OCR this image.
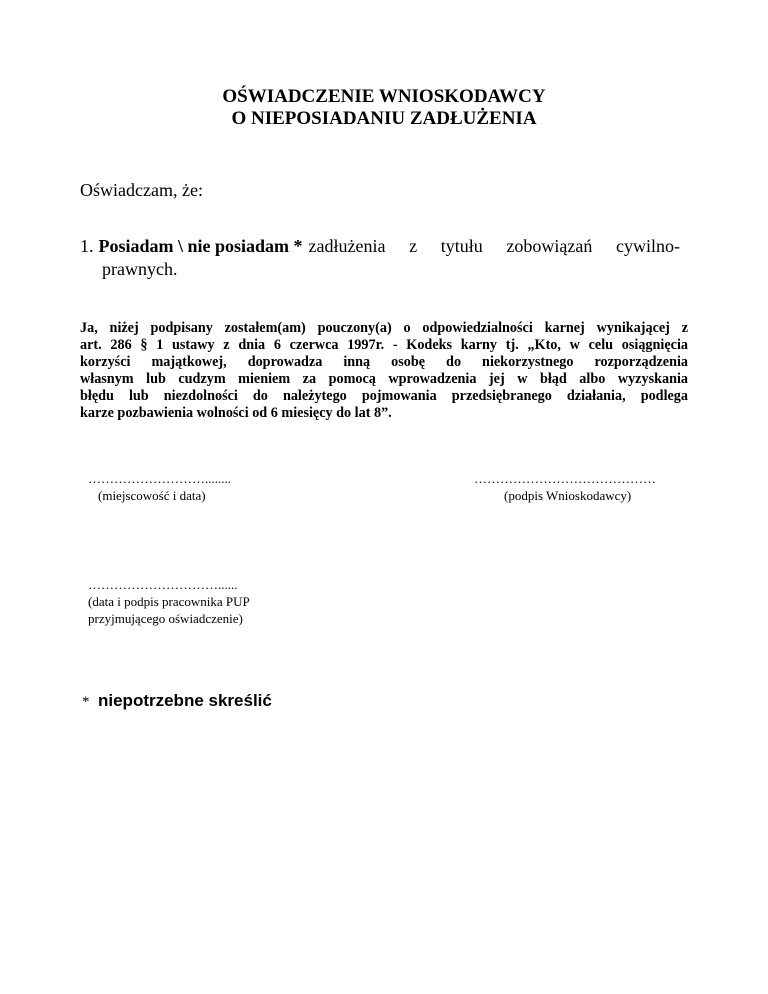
OŚWIADCZENIE WNIOSKODAWCY
O NIEPOSIADANIU ZADŁUŻENIA
Oświadczam, że:
1. Posiadam \ nie posiadam * zadłużenia z tytułu zobowiązań cywilno-
prawnych.

Ja, niżej podpisany zostałem(am) pouczony(a) o odpowiedzialności karnej wynikającej z

art. 286 § 1 ustawy z dnia 6 czerwca 1997r. - Kodeks karny tj. „Kto, w celu osiągnięcia

korzyści majątkowej, doprowadza inną osobę do niekorzystnego rozporządzenia

własnym lub cudzym mieniem za pomocą wprowadzenia jej w błąd albo wyzyskania

błędu lub niezdolności do należytego pojmowania przedsiębranego działania, podlega

karze pozbawienia wolności od 6 miesięcy do lat 8”.

………………………........
(miejscowość i data)
……………………………………
(podpis Wnioskodawcy)
…………………………......
(data i podpis pracownika PUP
przyjmującego oświadczenie)
* niepotrzebne skreślić
